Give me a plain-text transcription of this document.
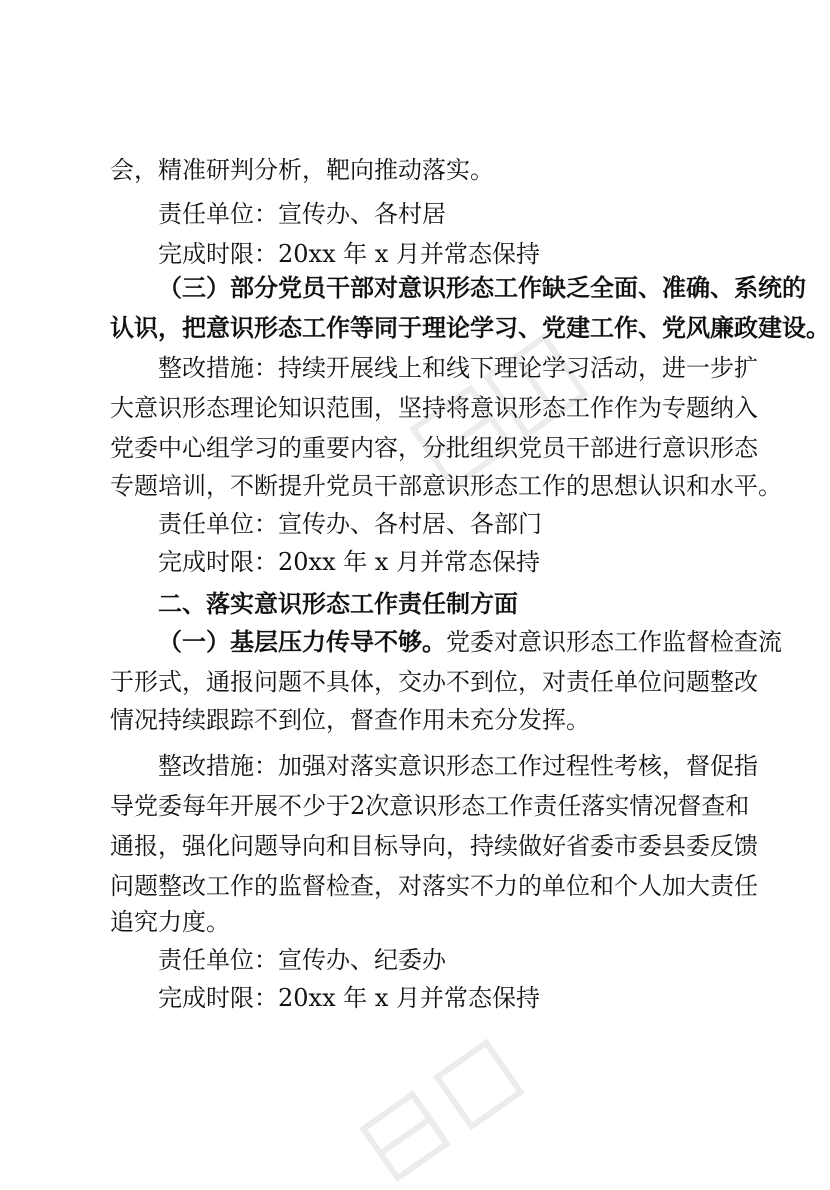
会，精准研判分析，靶向推动落实。
责任单位：宣传办、各村居
完成时限：20xx 年 x 月并常态保持
（三）部分党员干部对意识形态工作缺乏全面、准确、系统的
认识，把意识形态工作等同于理论学习、党建工作、党风廉政建设。
整改措施：持续开展线上和线下理论学习活动，进一步扩
大意识形态理论知识范围，坚持将意识形态工作作为专题纳入
党委中心组学习的重要内容，分批组织党员干部进行意识形态
专题培训，不断提升党员干部意识形态工作的思想认识和水平。
责任单位：宣传办、各村居、各部门
完成时限：20xx 年 x 月并常态保持
二、落实意识形态工作责任制方面
（一）基层压力传导不够。党委对意识形态工作监督检查流
于形式，通报问题不具体，交办不到位，对责任单位问题整改
情况持续跟踪不到位，督查作用未充分发挥。
整改措施：加强对落实意识形态工作过程性考核，督促指
导党委每年开展不少于2次意识形态工作责任落实情况督查和
通报，强化问题导向和目标导向，持续做好省委市委县委反馈
问题整改工作的监督检查，对落实不力的单位和个人加大责任
追究力度。
责任单位：宣传办、纪委办
完成时限：20xx 年 x 月并常态保持
